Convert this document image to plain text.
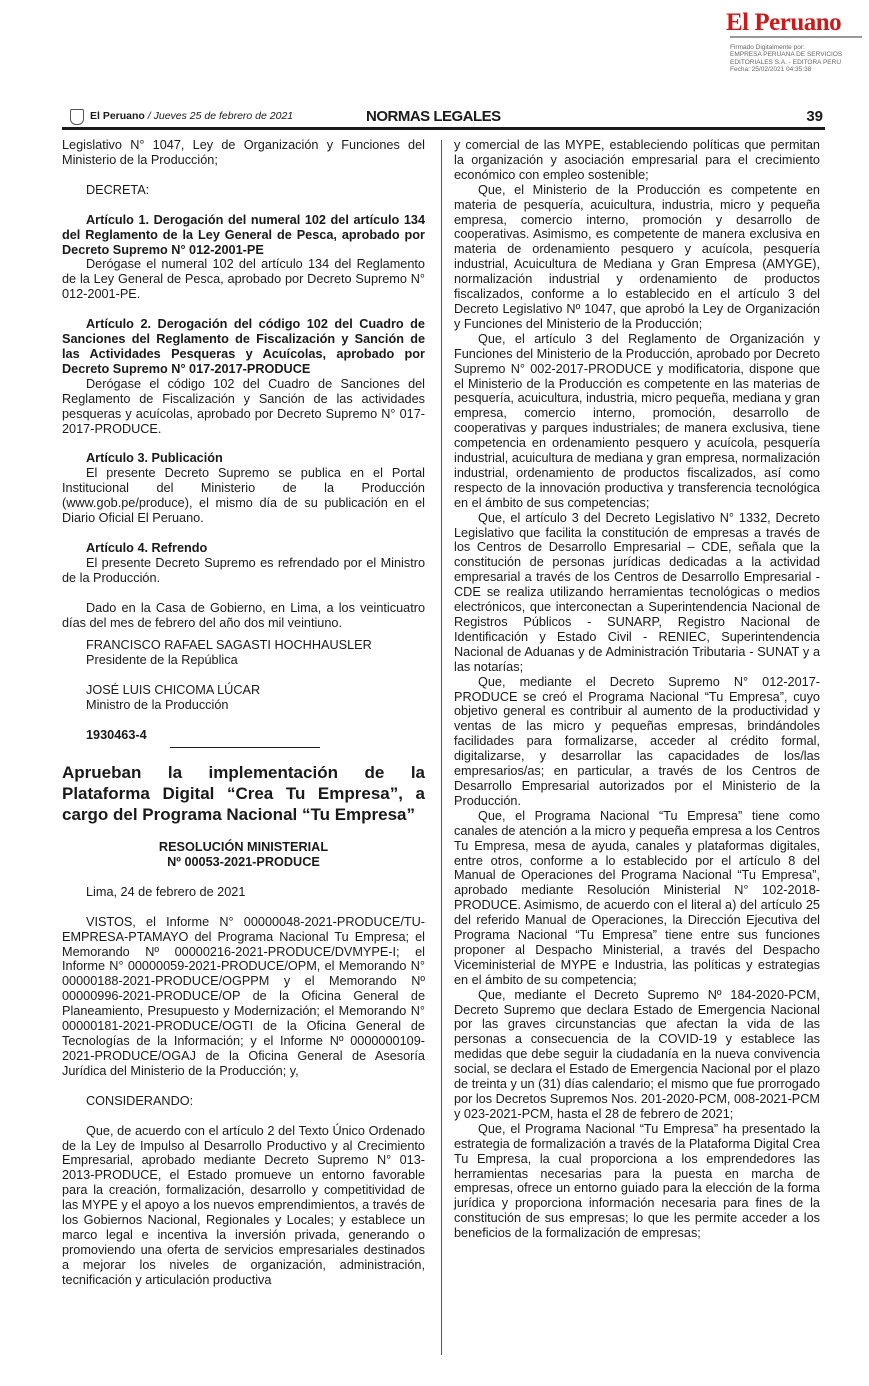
El Peruano
Firmado Digitalmente por:
EMPRESA PERUANA DE SERVICIOS
EDITORIALES S.A. - EDITORA PERU
Fecha: 25/02/2021 04:35:38
El Peruano / Jueves 25 de febrero de 2021	NORMAS LEGALES	39

Legislativo N° 1047, Ley de Organización y Funciones del Ministerio de la Producción;

DECRETA:

Artículo 1. Derogación del numeral 102 del artículo 134 del Reglamento de la Ley General de Pesca, aprobado por Decreto Supremo N° 012-2001-PE

Derógase el numeral 102 del artículo 134 del Reglamento de la Ley General de Pesca, aprobado por Decreto Supremo N° 012-2001-PE.

Artículo 2. Derogación del código 102 del Cuadro de Sanciones del Reglamento de Fiscalización y Sanción de las Actividades Pesqueras y Acuícolas, aprobado por Decreto Supremo N° 017-2017-PRODUCE

Derógase el código 102 del Cuadro de Sanciones del Reglamento de Fiscalización y Sanción de las actividades pesqueras y acuícolas, aprobado por Decreto Supremo N° 017-2017-PRODUCE.

Artículo 3. Publicación

El presente Decreto Supremo se publica en el Portal Institucional del Ministerio de la Producción (www.gob.pe/produce), el mismo día de su publicación en el Diario Oficial El Peruano.

Artículo 4. Refrendo

El presente Decreto Supremo es refrendado por el Ministro de la Producción.

Dado en la Casa de Gobierno, en Lima, a los veinticuatro días del mes de febrero del año dos mil veintiuno.

FRANCISCO RAFAEL SAGASTI HOCHHAUSLER

Presidente de la República

JOSÉ LUIS CHICOMA LÚCAR

Ministro de la Producción

1930463-4

Aprueban la implementación de la Plataforma Digital “Crea Tu Empresa”, a cargo del Programa Nacional “Tu Empresa”

RESOLUCIÓN MINISTERIAL

Nº 00053-2021-PRODUCE

Lima, 24 de febrero de 2021

VISTOS, el Informe N° 00000048-2021-PRODUCE/TU-EMPRESA-PTAMAYO del Programa Nacional Tu Empresa; el Memorando Nº 00000216-2021-PRODUCE/DVMYPE-I; el Informe N° 00000059-2021-PRODUCE/OPM, el Memorando N° 00000188-2021-PRODUCE/OGPPM y el Memorando Nº 00000996-2021-PRODUCE/OP de la Oficina General de Planeamiento, Presupuesto y Modernización; el Memorando N° 00000181-2021-PRODUCE/OGTI de la Oficina General de Tecnologías de la Información; y el Informe Nº 0000000109-2021-PRODUCE/OGAJ de la Oficina General de Asesoría Jurídica del Ministerio de la Producción; y,

CONSIDERANDO:

Que, de acuerdo con el artículo 2 del Texto Único Ordenado de la Ley de Impulso al Desarrollo Productivo y al Crecimiento Empresarial, aprobado mediante Decreto Supremo N° 013-2013-PRODUCE, el Estado promueve un entorno favorable para la creación, formalización, desarrollo y competitividad de las MYPE y el apoyo a los nuevos emprendimientos, a través de los Gobiernos Nacional, Regionales y Locales; y establece un marco legal e incentiva la inversión privada, generando o promoviendo una oferta de servicios empresariales destinados a mejorar los niveles de organización, administración, tecnificación y articulación productiva

y comercial de las MYPE, estableciendo políticas que permitan la organización y asociación empresarial para el crecimiento económico con empleo sostenible;

Que, el Ministerio de la Producción es competente en materia de pesquería, acuicultura, industria, micro y pequeña empresa, comercio interno, promoción y desarrollo de cooperativas. Asimismo, es competente de manera exclusiva en materia de ordenamiento pesquero y acuícola, pesquería industrial, Acuicultura de Mediana y Gran Empresa (AMYGE), normalización industrial y ordenamiento de productos fiscalizados, conforme a lo establecido en el artículo 3 del Decreto Legislativo Nº 1047, que aprobó la Ley de Organización y Funciones del Ministerio de la Producción;

Que, el artículo 3 del Reglamento de Organización y Funciones del Ministerio de la Producción, aprobado por Decreto Supremo N° 002-2017-PRODUCE y modificatoria, dispone que el Ministerio de la Producción es competente en las materias de pesquería, acuicultura, industria, micro pequeña, mediana y gran empresa, comercio interno, promoción, desarrollo de cooperativas y parques industriales; de manera exclusiva, tiene competencia en ordenamiento pesquero y acuícola, pesquería industrial, acuicultura de mediana y gran empresa, normalización industrial, ordenamiento de productos fiscalizados, así como respecto de la innovación productiva y transferencia tecnológica en el ámbito de sus competencias;

Que, el artículo 3 del Decreto Legislativo N° 1332, Decreto Legislativo que facilita la constitución de empresas a través de los Centros de Desarrollo Empresarial – CDE, señala que la constitución de personas jurídicas dedicadas a la actividad empresarial a través de los Centros de Desarrollo Empresarial - CDE se realiza utilizando herramientas tecnológicas o medios electrónicos, que interconectan a Superintendencia Nacional de Registros Públicos - SUNARP, Registro Nacional de Identificación y Estado Civil - RENIEC, Superintendencia Nacional de Aduanas y de Administración Tributaria - SUNAT y a las notarías;

Que, mediante el Decreto Supremo N° 012-2017-PRODUCE se creó el Programa Nacional “Tu Empresa”, cuyo objetivo general es contribuir al aumento de la productividad y ventas de las micro y pequeñas empresas, brindándoles facilidades para formalizarse, acceder al crédito formal, digitalizarse, y desarrollar las capacidades de los/las empresarios/as; en particular, a través de los Centros de Desarrollo Empresarial autorizados por el Ministerio de la Producción.

Que, el Programa Nacional “Tu Empresa” tiene como canales de atención a la micro y pequeña empresa a los Centros Tu Empresa, mesa de ayuda, canales y plataformas digitales, entre otros, conforme a lo establecido por el artículo 8 del Manual de Operaciones del Programa Nacional “Tu Empresa”, aprobado mediante Resolución Ministerial N° 102-2018-PRODUCE. Asimismo, de acuerdo con el literal a) del artículo 25 del referido Manual de Operaciones, la Dirección Ejecutiva del Programa Nacional “Tu Empresa” tiene entre sus funciones proponer al Despacho Ministerial, a través del Despacho Viceministerial de MYPE e Industria, las políticas y estrategias en el ámbito de su competencia;

Que, mediante el Decreto Supremo Nº 184-2020-PCM, Decreto Supremo que declara Estado de Emergencia Nacional por las graves circunstancias que afectan la vida de las personas a consecuencia de la COVID-19 y establece las medidas que debe seguir la ciudadanía en la nueva convivencia social, se declara el Estado de Emergencia Nacional por el plazo de treinta y un (31) días calendario; el mismo que fue prorrogado por los Decretos Supremos Nos. 201-2020-PCM, 008-2021-PCM y 023-2021-PCM, hasta el 28 de febrero de 2021;

Que, el Programa Nacional “Tu Empresa” ha presentado la estrategia de formalización a través de la Plataforma Digital Crea Tu Empresa, la cual proporciona a los emprendedores las herramientas necesarias para la puesta en marcha de empresas, ofrece un entorno guiado para la elección de la forma jurídica y proporciona información necesaria para fines de la constitución de sus empresas; lo que les permite acceder a los beneficios de la formalización de empresas;
